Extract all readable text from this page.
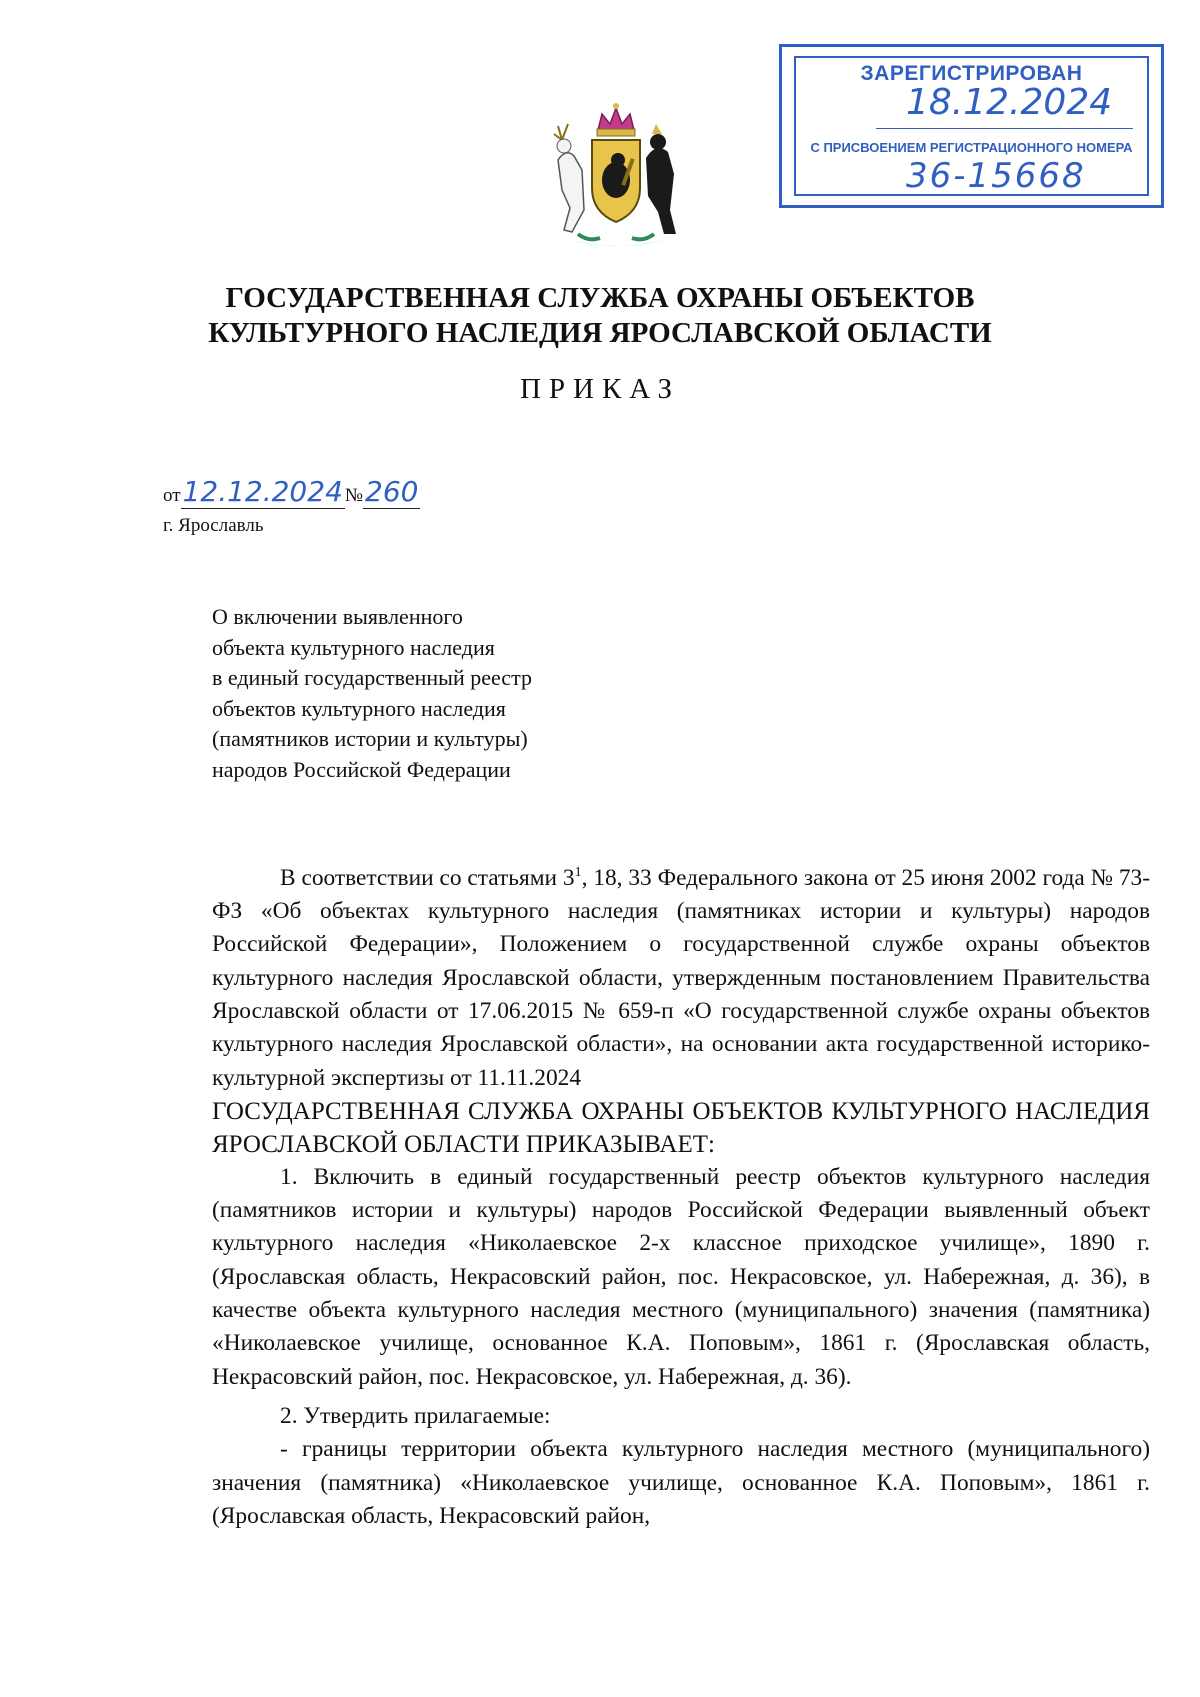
ЗАРЕГИСТРИРОВАН
18.12.2024
С ПРИСВОЕНИЕМ РЕГИСТРАЦИОННОГО НОМЕРА
36-15668
ГОСУДАРСТВЕННАЯ СЛУЖБА ОХРАНЫ ОБЪЕКТОВ
КУЛЬТУРНОГО НАСЛЕДИЯ ЯРОСЛАВСКОЙ ОБЛАСТИ
ПРИКАЗ
от12.12.2024 №260
г. Ярославль
О включении выявленного
объекта культурного наследия
в единый государственный реестр
объектов культурного наследия
(памятников истории и культуры)
народов Российской Федерации

В соответствии со статьями $3^1$, 18, 33 Федерального закона от 25 июня 2002 года № 73-ФЗ «Об объектах культурного наследия (памятниках истории и культуры) народов Российской Федерации», Положением о государственной службе охраны объектов культурного наследия Ярославской области, утвержденным постановлением Правительства Ярославской области от 17.06.2015 № 659-п «О государственной службе охраны объектов культурного наследия Ярославской области», на основании акта государственной историко-культурной экспертизы от 11.11.2024

ГОСУДАРСТВЕННАЯ СЛУЖБА ОХРАНЫ ОБЪЕКТОВ КУЛЬТУРНОГО НАСЛЕДИЯ ЯРОСЛАВСКОЙ ОБЛАСТИ ПРИКАЗЫВАЕТ:

1. Включить в единый государственный реестр объектов культурного наследия (памятников истории и культуры) народов Российской Федерации выявленный объект культурного наследия «Николаевское 2-х классное приходское училище», 1890 г. (Ярославская область, Некрасовский район, пос. Некрасовское, ул. Набережная, д. 36), в качестве объекта культурного наследия местного (муниципального) значения (памятника) «Николаевское училище, основанное К.А. Поповым», 1861 г. (Ярославская область, Некрасовский район, пос. Некрасовское, ул. Набережная, д. 36).

2. Утвердить прилагаемые:

- границы территории объекта культурного наследия местного (муниципального) значения (памятника) «Николаевское училище, основанное К.А. Поповым», 1861 г. (Ярославская область, Некрасовский район,
